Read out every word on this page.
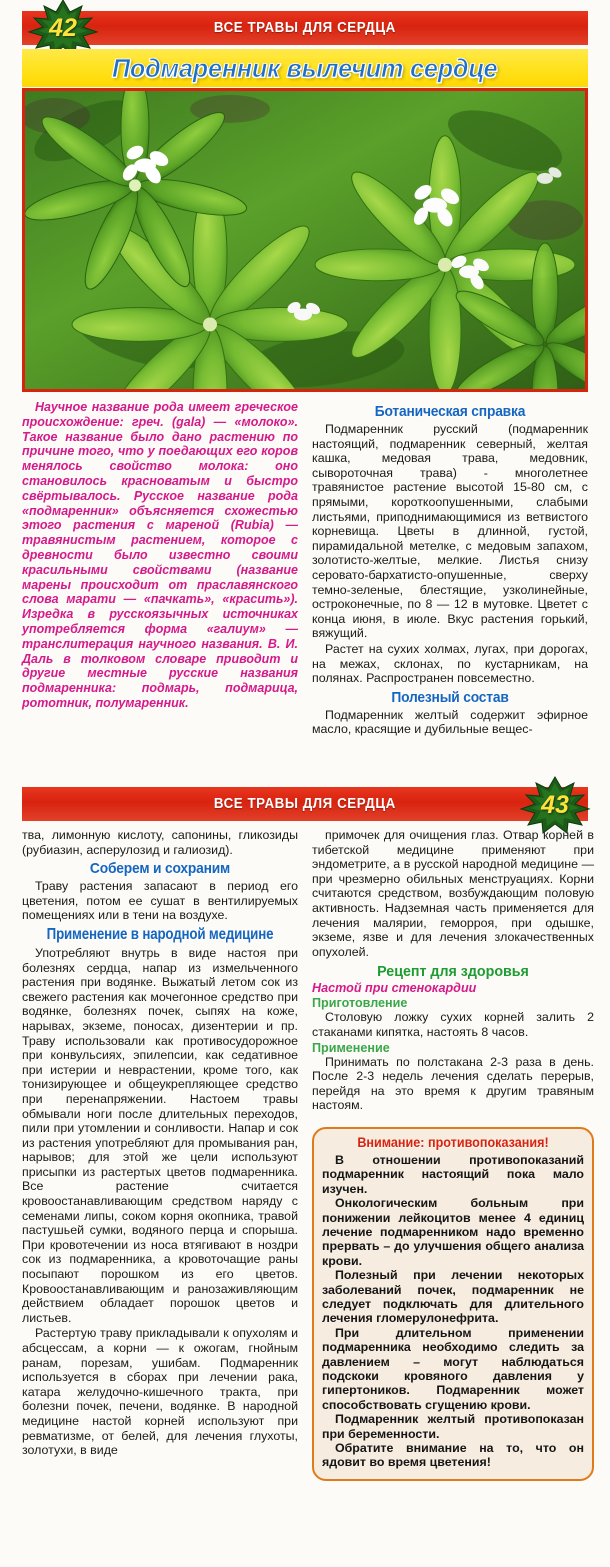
ВСЕ ТРАВЫ ДЛЯ СЕРДЦА
42
Подмаренник вылечит сердце

Научное название рода имеет греческое происхождение: греч. (gala) — «молоко». Такое название было дано растению по причине того, что у поедающих его коров менялось свойство молока: оно становилось красноватым и быстро свёртывалось. Русское название рода «подмаренник» объясняется схожестью этого растения с мареной (Rubia) — травянистым растением, которое с древности было известно своими красильными свойствами (название марены происходит от праславянского слова марати — «пачкать», «красить»). Изредка в русскоязычных источниках употребляется форма «галиум» — транслитерация научного названия. В. И. Даль в толковом словаре приводит и другие местные русские названия подмаренника: подмарь, подмарица, рототник, полумаренник.

Ботаническая справка

Подмаренник русский (подмаренник настоящий, подмаренник северный, желтая кашка, медовая трава, медовник, сывороточная трава) - многолетнее травянистое растение высотой 15-80 см, с прямыми, короткоопушенными, слабыми листьями, приподнимающимися из ветвистого корневища. Цветы в длинной, густой, пирамидальной метелке, с медовым запахом, золотисто-желтые, мелкие. Листья снизу серовато-бархатисто-опушенные, сверху темно-зеленые, блестящие, узколинейные, остроконечные, по 8 — 12 в мутовке. Цветет с конца июня, в июле. Вкус растения горький, вяжущий.

Растет на сухих холмах, лугах, при дорогах, на межах, склонах, по кустарникам, на полянах. Распространен повсеместно.

Полезный состав

Подмаренник желтый содержит эфирное масло, красящие и дубильные вещес-

ВСЕ ТРАВЫ ДЛЯ СЕРДЦА	43

тва, лимонную кислоту, сапонины, гликозиды (рубиазин, асперулозид и галиозид).

Соберем и сохраним

Траву растения запасают в период его цветения, потом ее сушат в вентилируемых помещениях или в тени на воздухе.

Применение в народной медицине

Употребляют внутрь в виде настоя при болезнях сердца, напар из измельченного растения при водянке. Выжатый летом сок из свежего растения как мочегонное средство при водянке, болезнях почек, сыпях на коже, нарывах, экземе, поносах, дизентерии и пр. Траву использовали как противосудорожное при конвульсиях, эпилепсии, как седативное при истерии и неврастении, кроме того, как тонизирующее и общеукрепляющее средство при перенапряжении. Настоем травы обмывали ноги после длительных переходов, пили при утомлении и сонливости. Напар и сок из растения употребляют для промывания ран, нарывов; для этой же цели используют присыпки из растертых цветов подмаренника. Все растение считается кровоостанавливающим средством наряду с семенами липы, соком корня окопника, травой пастушьей сумки, водяного перца и спорыша. При кровотечении из носа втягивают в ноздри сок из подмаренника, а кровоточащие раны посыпают порошком из его цветов. Кровоостанавливающим и ранозаживляющим действием обладает порошок цветов и листьев.

Растертую траву прикладывали к опухолям и абсцессам, а корни — к ожогам, гнойным ранам, порезам, ушибам. Подмаренник используется в сборах при лечении рака, катара желудочно-кишечного тракта, при болезни почек, печени, водянке. В народной медицине настой корней используют при ревматизме, от белей, для лечения глухоты, золотухи, в виде

примочек для очищения глаз. Отвар корней в тибетской медицине применяют при эндометрите, а в русской народной медицине — при чрезмерно обильных менструациях. Корни считаются средством, возбуждающим половую активность. Надземная часть применяется для лечения малярии, геморроя, при одышке, экземе, язве и для лечения злокачественных опухолей.

Рецепт для здоровья
Настой при стенокардии
Приготовление

Столовую ложку сухих корней залить 2 стаканами кипятка, настоять 8 часов.

Применение

Принимать по полстакана 2-3 раза в день. После 2-3 недель лечения сделать перерыв, перейдя на это время к другим травяным настоям.

Внимание: противопоказания!

В отношении противопоказаний подмаренник настоящий пока мало изучен.

Онкологическим больным при понижении лейкоцитов менее 4 единиц лечение подмаренником надо временно прервать – до улучшения общего анализа крови.

Полезный при лечении некоторых заболеваний почек, подмаренник не следует подключать для длительного лечения гломерулонефрита.

При длительном применении подмаренника необходимо следить за давлением – могут наблюдаться подскоки кровяного давления у гипертоников. Подмаренник может способствовать сгущению крови.

Подмаренник желтый противопоказан при беременности.

Обратите внимание на то, что он ядовит во время цветения!
